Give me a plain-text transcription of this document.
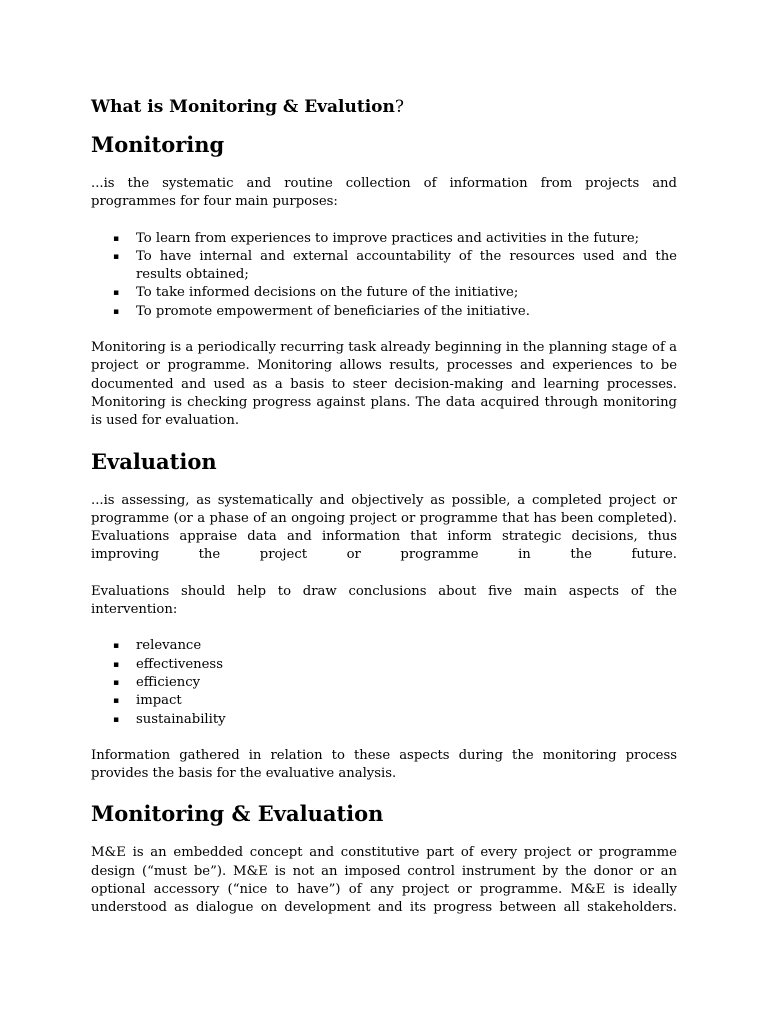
What is Monitoring & Evalution?
Monitoring

...is the systematic and routine collection of information from projects and programmes for four main purposes:

▪ To learn from experiences to improve practices and activities in the future;
▪ To have internal and external accountability of the resources used and the results obtained;
▪ To take informed decisions on the future of the initiative;
▪ To promote empowerment of beneficiaries of the initiative.

Monitoring is a periodically recurring task already beginning in the planning stage of a project or programme. Monitoring allows results, processes and experiences to be documented and used as a basis to steer decision-making and learning processes. Monitoring is checking progress against plans. The data acquired through monitoring is used for evaluation.

Evaluation

...is assessing, as systematically and objectively as possible, a completed project or programme (or a phase of an ongoing project or programme that has been completed). Evaluations appraise data and information that inform strategic decisions, thus improving the project or programme in the future.

Evaluations should help to draw conclusions about five main aspects of the intervention:

▪ relevance
▪ effectiveness
▪ efficiency
▪ impact
▪ sustainability

Information gathered in relation to these aspects during the monitoring process provides the basis for the evaluative analysis.

Monitoring & Evaluation

M&E is an embedded concept and constitutive part of every project or programme design (“must be”). M&E is not an imposed control instrument by the donor or an optional accessory (“nice to have”) of any project or programme. M&E is ideally understood as dialogue on development and its progress between all stakeholders.
